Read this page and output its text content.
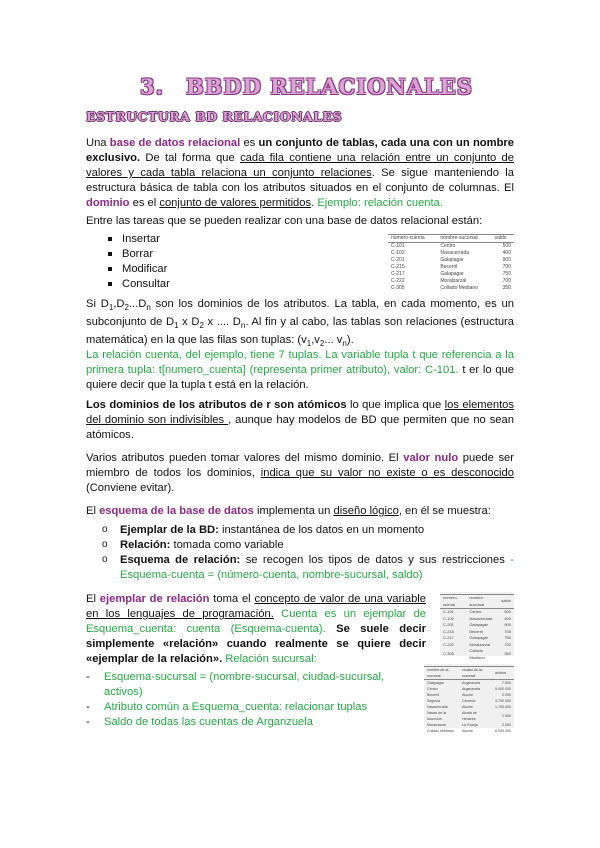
3. BBDD RELACIONALES
ESTRUCTURA BD RELACIONALES

Una base de datos relacional es un conjunto de tablas, cada una con un nombre exclusivo. De tal forma que cada fila contiene una relación entre un conjunto de valores y cada tabla relaciona un conjunto relaciones. Se sigue manteniendo la estructura básica de tabla con los atributos situados en el conjunto de columnas. El dominio es el conjunto de valores permitidos. Ejemplo: relación cuenta.

Entre las tareas que se pueden realizar con una base de datos relacional están:

Insertar
Borrar
Modificar
Consultar
número-cuenta	nombre-sucursal	saldo
C-101	Centro	500
C-102	Navacerrada	400
C-201	Galapagar	900
C-215	Becerril	700
C-217	Galapagar	750
C-222	Moralzarzal	700
C-305	Collado Mediano	350

Si $D_1,D_2...D_n$ son los dominios de los atributos. La tabla, en cada momento, es un subconjunto de $D_1$ x $D_2$ x .... $D_n$. Al fin y al cabo, las tablas son relaciones (estructura matemática) en la que las filas son tuplas: ($v_1,v_2$... $v_n$).

La relación cuenta, del ejemplo, tiene 7 tuplas. La variable tupla t que referencia a la primera tupla: t[numero_cuenta] (representa primer atributo), valor: C-101. t er lo que quiere decir que la tupla t está en la relación.

Los dominios de los atributos de r son atómicos lo que implica que los elementos del dominio son indivisibles , aunque hay modelos de BD que permiten que no sean atómicos.

Varios atributos pueden tomar valores del mismo dominio. El valor nulo puede ser miembro de todos los dominios, indica que su valor no existe o es desconocido (Conviene evitar).

El esquema de la base de datos implementa un diseño lógico, en él se muestra:

o Ejemplar de la BD: instantánea de los datos en un momento
o Relación: tomada como variable
o Esquema de relación: se recogen los tipos de datos y sus restricciones - Esquema-cuenta = (número-cuenta, nombre-sucursal, saldo)

El ejemplar de relación toma el concepto de valor de una variable en los lenguajes de programación. Cuenta es un ejemplar de Esquema_cuenta: cuenta (Esquema-cuenta). Se suele decir simplemente «relación» cuando realmente se quiere decir «ejemplar de la relación». Relación sucursal:

- Esquema-sucursal = (nombre-sucursal, ciudad-sucursal, activos)
- Atributo común a Esquema_cuenta: relacionar tuplas
- Saldo de todas las cuentas de Arganzuela
número-cuenta	nombre-sucursal	saldo
C-101	Centro	500
C-102	Navacerrada	400
C-201	Galapagar	900
C-215	Becerril	700
C-217	Galapagar	750
C-222	Moralzarzal	700
C-305	Collado Mediano	350
nombre-de-la-sucursal	ciudad-de-la-sucursal	activos
Galapagar	Arganzuela	7.500
Centro	Arganzuela	9.000.000
Becerril	Aluche	2.000
Segovia	Cercedo	3.700.000
Navacerrada	Aluche	1.700.000
Navas de la Asunción	Alcalá de Henares	1.500
Moralzarzal	La Granja	2.500
Collado Mediano	Aluche	8.000.000
